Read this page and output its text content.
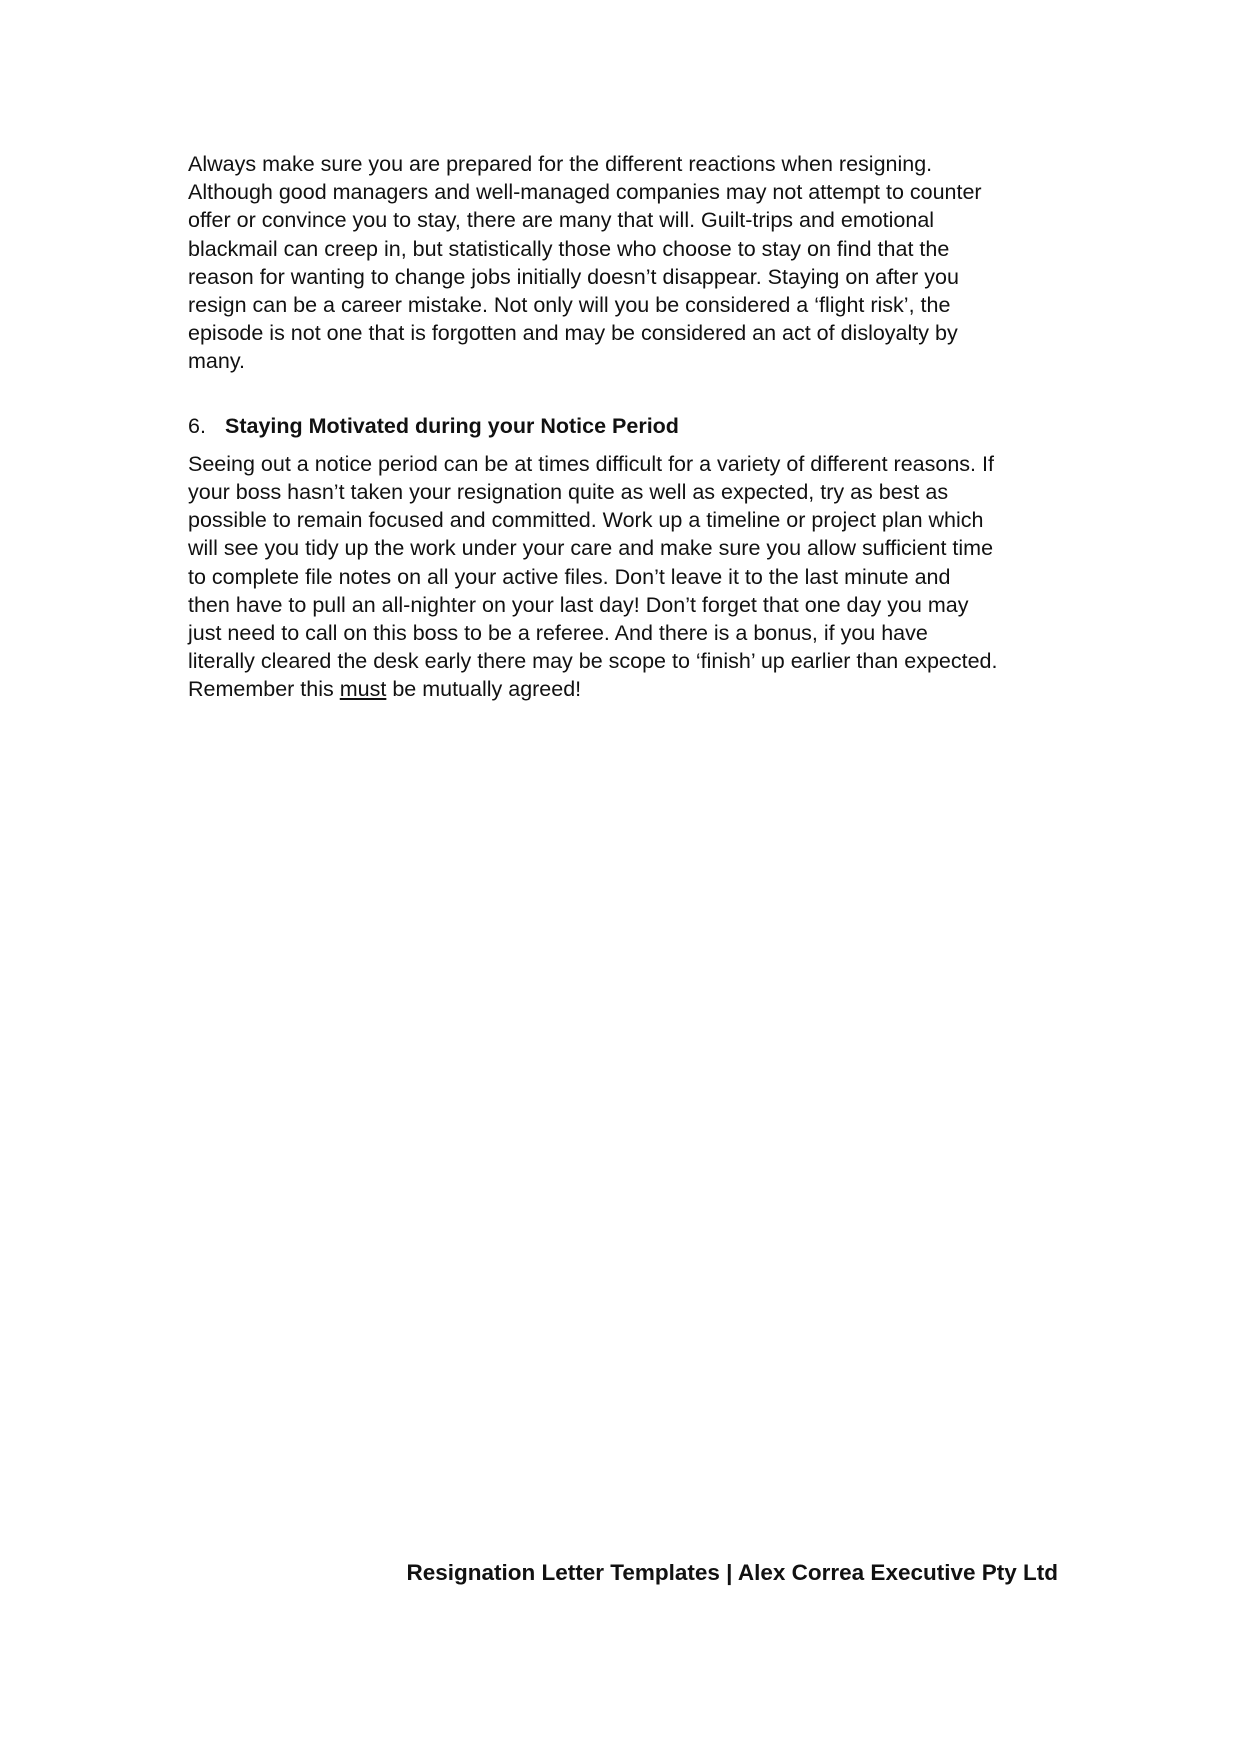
Always make sure you are prepared for the different reactions when resigning.
Although good managers and well-managed companies may not attempt to counter
offer or convince you to stay, there are many that will. Guilt-trips and emotional
blackmail can creep in, but statistically those who choose to stay on find that the
reason for wanting to change jobs initially doesn’t disappear. Staying on after you
resign can be a career mistake. Not only will you be considered a ‘flight risk’, the
episode is not one that is forgotten and may be considered an act of disloyalty by
many.
6. Staying Motivated during your Notice Period
Seeing out a notice period can be at times difficult for a variety of different reasons. If
your boss hasn’t taken your resignation quite as well as expected, try as best as
possible to remain focused and committed. Work up a timeline or project plan which
will see you tidy up the work under your care and make sure you allow sufficient time
to complete file notes on all your active files. Don’t leave it to the last minute and
then have to pull an all-nighter on your last day! Don’t forget that one day you may
just need to call on this boss to be a referee. And there is a bonus, if you have
literally cleared the desk early there may be scope to ‘finish’ up earlier than expected.
Remember this must be mutually agreed!
Resignation Letter Templates | Alex Correa Executive Pty Ltd
